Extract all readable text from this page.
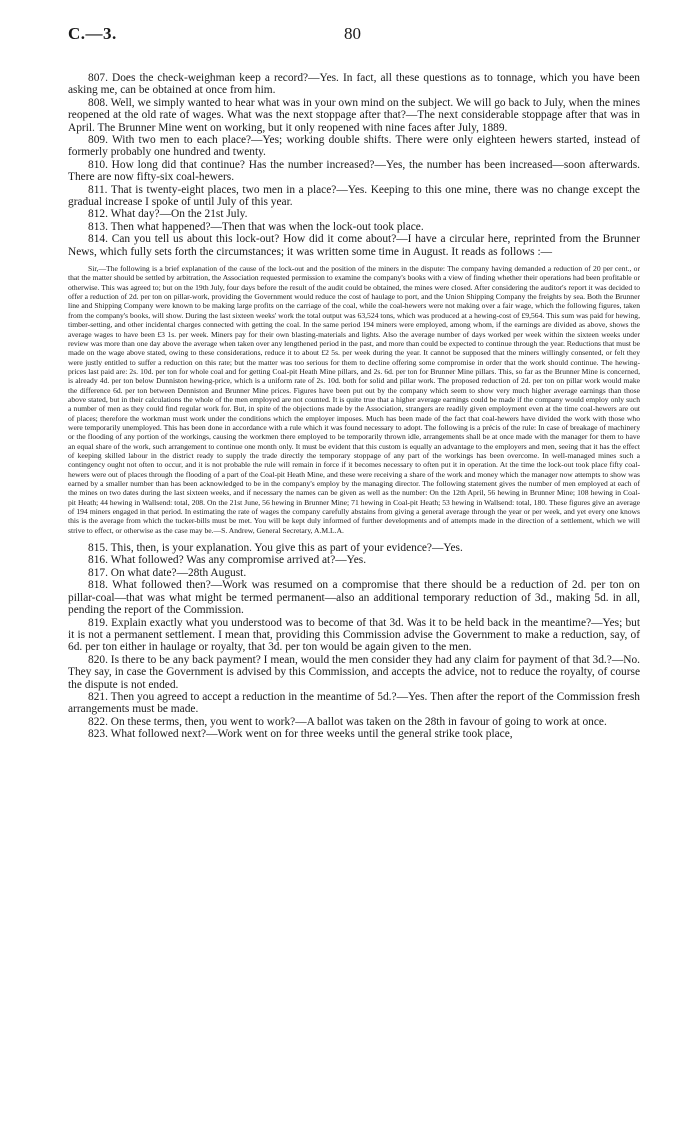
C.—3.	80

807. Does the check-weighman keep a record?—Yes. In fact, all these questions as to tonnage, which you have been asking me, can be obtained at once from him.

808. Well, we simply wanted to hear what was in your own mind on the subject. We will go back to July, when the mines reopened at the old rate of wages. What was the next stoppage after that?—The next considerable stoppage after that was in April. The Brunner Mine went on working, but it only reopened with nine faces after July, 1889.

809. With two men to each place?—Yes; working double shifts. There were only eighteen hewers started, instead of formerly probably one hundred and twenty.

810. How long did that continue? Has the number increased?—Yes, the number has been increased—soon afterwards. There are now fifty-six coal-hewers.

811. That is twenty-eight places, two men in a place?—Yes. Keeping to this one mine, there was no change except the gradual increase I spoke of until July of this year.

812. What day?—On the 21st July.

813. Then what happened?—Then that was when the lock-out took place.

814. Can you tell us about this lock-out? How did it come about?—I have a circular here, reprinted from the Brunner News, which fully sets forth the circumstances; it was written some time in August. It reads as follows :—

Sir,—The following is a brief explanation of the cause of the lock-out and the position of the miners in the dispute: The company having demanded a reduction of 20 per cent., or that the matter should be settled by arbitration, the Association requested permission to examine the company's books with a view of finding whether their operations had been profitable or otherwise. This was agreed to; but on the 19th July, four days before the result of the audit could be obtained, the mines were closed. After considering the auditor's report it was decided to offer a reduction of 2d. per ton on pillar-work, providing the Government would reduce the cost of haulage to port, and the Union Shipping Company the freights by sea. Both the Brunner line and Shipping Company were known to be making large profits on the carriage of the coal, while the coal-hewers were not making over a fair wage, which the following figures, taken from the company's books, will show. During the last sixteen weeks' work the total output was 63,524 tons, which was produced at a hewing-cost of £9,564. This sum was paid for hewing, timber-setting, and other incidental charges connected with getting the coal. In the same period 194 miners were employed, among whom, if the earnings are divided as above, shows the average wages to have been £3 1s. per week. Miners pay for their own blasting-materials and lights. Also the average number of days worked per week within the sixteen weeks under review was more than one day above the average when taken over any lengthened period in the past, and more than could be expected to continue through the year. Reductions that must be made on the wage above stated, owing to these considerations, reduce it to about £2 5s. per week during the year. It cannot be supposed that the miners willingly consented, or felt they were justly entitled to suffer a reduction on this rate; but the matter was too serious for them to decline offering some compromise in order that the work should continue. The hewing-prices last paid are: 2s. 10d. per ton for whole coal and for getting Coal-pit Heath Mine pillars, and 2s. 6d. per ton for Brunner Mine pillars. This, so far as the Brunner Mine is concerned, is already 4d. per ton below Dunniston hewing-price, which is a uniform rate of 2s. 10d. both for solid and pillar work. The proposed reduction of 2d. per ton on pillar work would make the difference 6d. per ton between Denniston and Brunner Mine prices. Figures have been put out by the company which seem to show very much higher average earnings than those above stated, but in their calculations the whole of the men employed are not counted. It is quite true that a higher average earnings could be made if the company would employ only such a number of men as they could find regular work for. But, in spite of the objections made by the Association, strangers are readily given employment even at the time coal-hewers are out of places; therefore the workman must work under the conditions which the employer imposes. Much has been made of the fact that coal-hewers have divided the work with those who were temporarily unemployed. This has been done in accordance with a rule which it was found necessary to adopt. The following is a précis of the rule: In case of breakage of machinery or the flooding of any portion of the workings, causing the workmen there employed to be temporarily thrown idle, arrangements shall be at once made with the manager for them to have an equal share of the work, such arrangement to continue one month only. It must be evident that this custom is equally an advantage to the employers and men, seeing that it has the effect of keeping skilled labour in the district ready to supply the trade directly the temporary stoppage of any part of the workings has been overcome. In well-managed mines such a contingency ought not often to occur, and it is not probable the rule will remain in force if it becomes necessary to often put it in operation. At the time the lock-out took place fifty coal-hewers were out of places through the flooding of a part of the Coal-pit Heath Mine, and these were receiving a share of the work and money which the manager now attempts to show was earned by a smaller number than has been acknowledged to be in the company's employ by the managing director. The following statement gives the number of men employed at each of the mines on two dates during the last sixteen weeks, and if necessary the names can be given as well as the number: On the 12th April, 56 hewing in Brunner Mine; 108 hewing in Coal-pit Heath; 44 hewing in Wallsend: total, 208. On the 21st June, 56 hewing in Brunner Mine; 71 hewing in Coal-pit Heath; 53 hewing in Wallsend: total, 180. These figures give an average of 194 miners engaged in that period. In estimating the rate of wages the company carefully abstains from giving a general average through the year or per week, and yet every one knows this is the average from which the tucker-bills must be met. You will be kept duly informed of further developments and of attempts made in the direction of a settlement, which we will strive to effect, or otherwise as the case may be.—S. Andrew, General Secretary, A.M.L.A.

815. This, then, is your explanation. You give this as part of your evidence?—Yes.

816. What followed? Was any compromise arrived at?—Yes.

817. On what date?—28th August.

818. What followed then?—Work was resumed on a compromise that there should be a reduction of 2d. per ton on pillar-coal—that was what might be termed permanent—also an additional temporary reduction of 3d., making 5d. in all, pending the report of the Commission.

819. Explain exactly what you understood was to become of that 3d. Was it to be held back in the meantime?—Yes; but it is not a permanent settlement. I mean that, providing this Commission advise the Government to make a reduction, say, of 6d. per ton either in haulage or royalty, that 3d. per ton would be again given to the men.

820. Is there to be any back payment? I mean, would the men consider they had any claim for payment of that 3d.?—No. They say, in case the Government is advised by this Commission, and accepts the advice, not to reduce the royalty, of course the dispute is not ended.

821. Then you agreed to accept a reduction in the meantime of 5d.?—Yes. Then after the report of the Commission fresh arrangements must be made.

822. On these terms, then, you went to work?—A ballot was taken on the 28th in favour of going to work at once.

823. What followed next?—Work went on for three weeks until the general strike took place,
